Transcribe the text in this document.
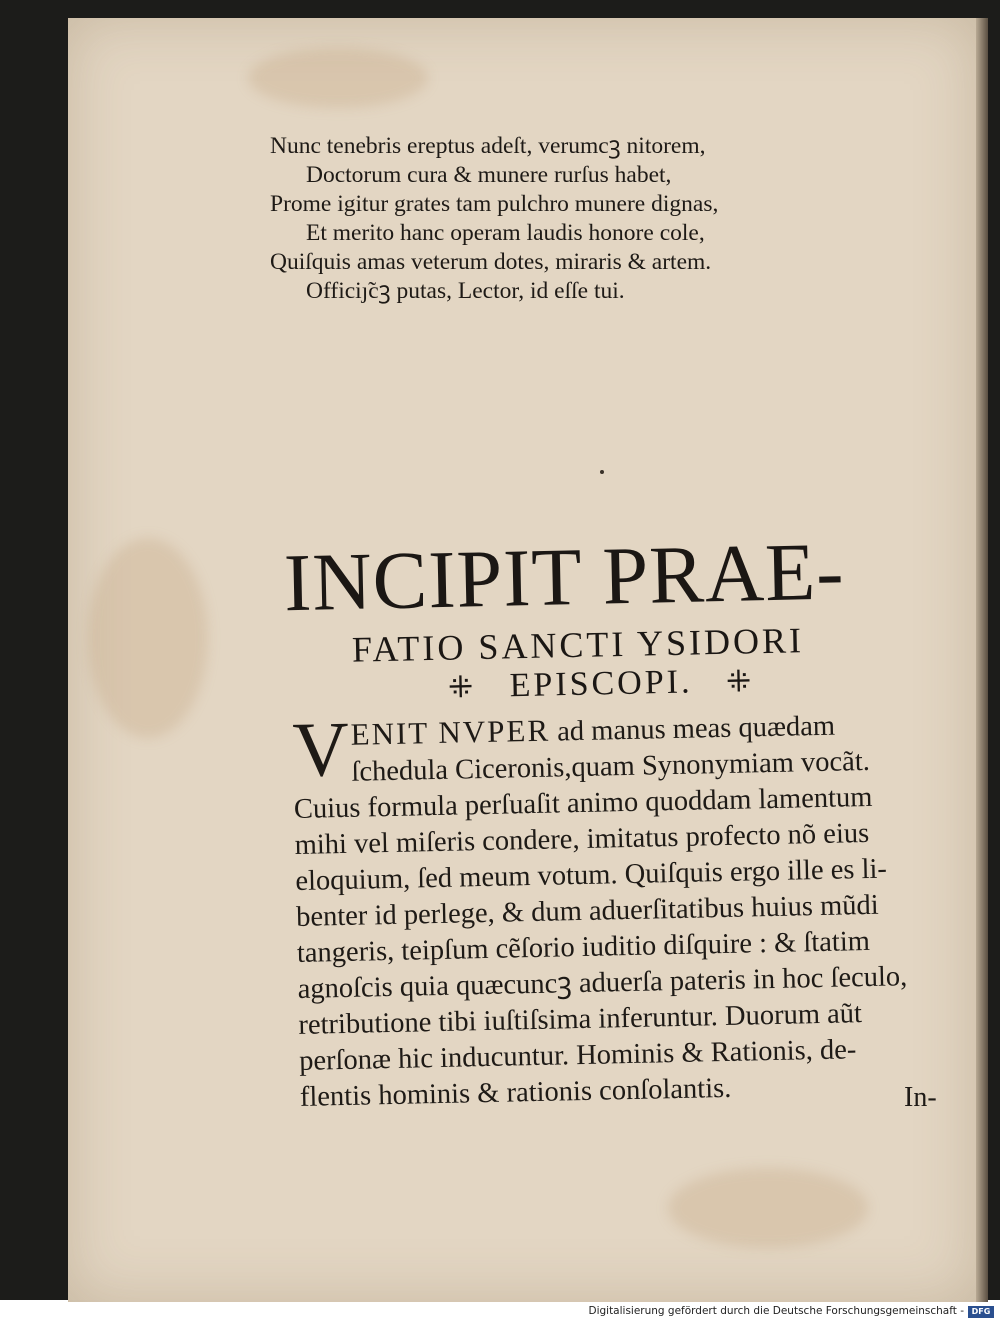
Nunc tenebris ereptus adeſt, verumcꝫ nitorem,
Doctorum cura & munere rurſus habet,
Prome igitur grates tam pulchro munere dignas,
Et merito hanc operam laudis honore cole,
Quiſquis amas veterum dotes, miraris & artem.
Officiȷ̃cꝫ putas, Lector, id eſſe tui.
INCIPIT PRAE-
FATIO SANCTI YSIDORI
⁜ EPISCOPI. ⁜
V ENIT NVPER ad manus meas quædam
ſchedula Ciceronis,quam Synonymiam vocãt.
Cuius formula perſuaſit animo quoddam lamentum
mihi vel miſeris condere, imitatus profecto nõ eius
eloquium, ſed meum votum. Quiſquis ergo ille es li-
benter id perlege, & dum aduerſitatibus huius mũdi
tangeris, teipſum cẽſorio iuditio diſquire : & ſtatim
agnoſcis quia quæcuncꝫ aduerſa pateris in hoc ſeculo,
retributione tibi iuſtiſsima inferuntur. Duorum aũt
perſonæ hic inducuntur. Hominis & Rationis, de-
flentis hominis & rationis conſolantis.	In-
Digitalisierung gefördert durch die Deutsche Forschungsgemeinschaft - DFG
